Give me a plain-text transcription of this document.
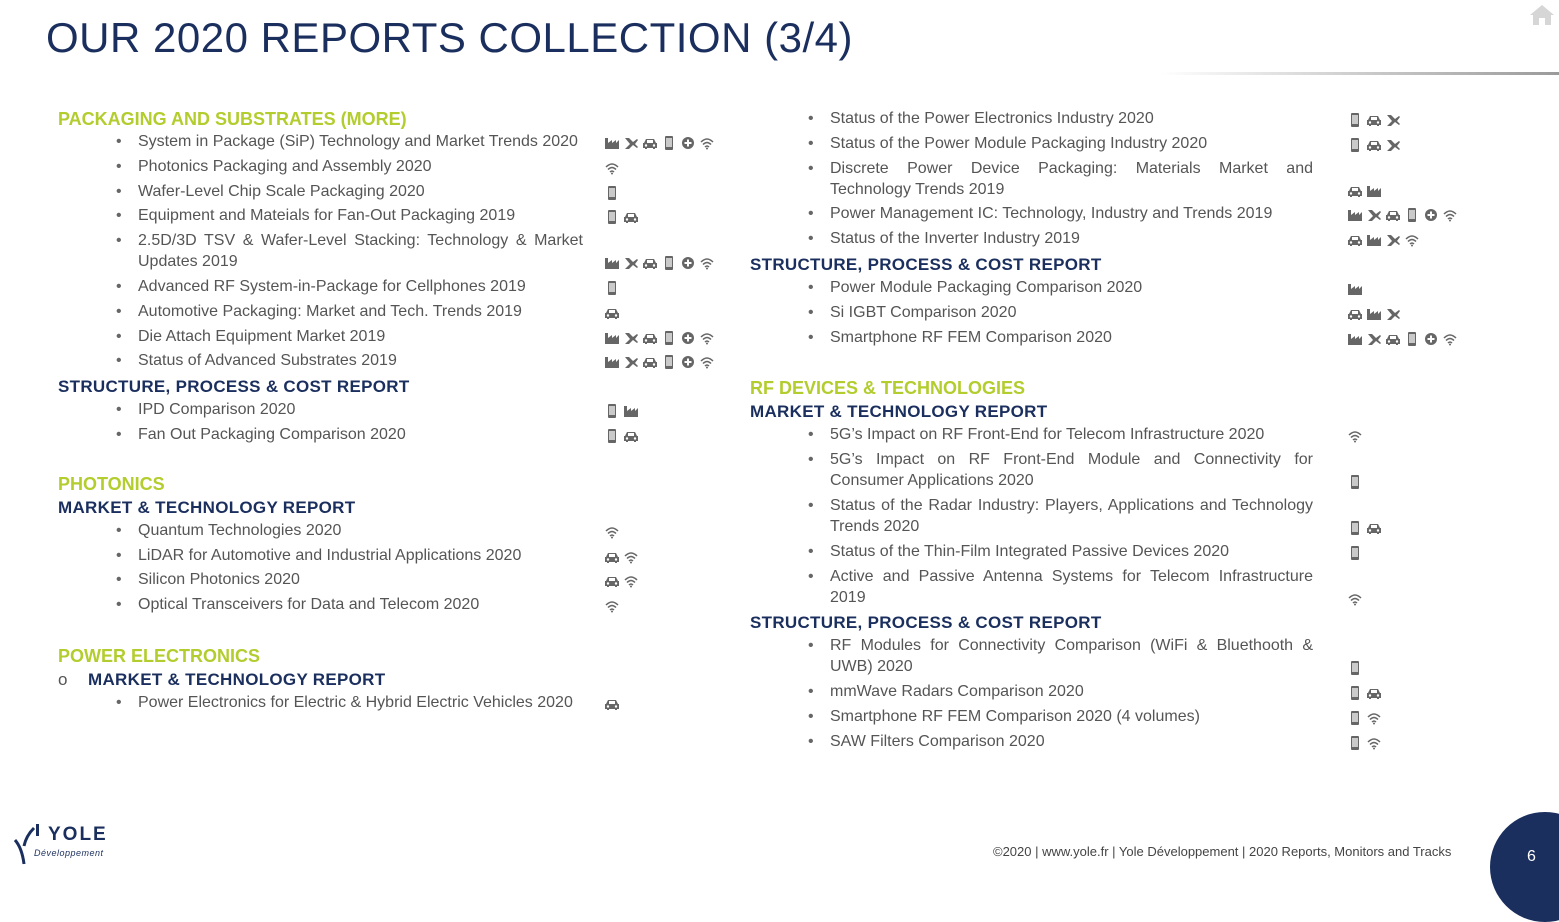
OUR 2020 REPORTS COLLECTION (3/4)
PACKAGING AND SUBSTRATES (MORE)
• System in Package (SiP) Technology and Market Trends 2020
• Photonics Packaging and Assembly 2020
• Wafer-Level Chip Scale Packaging 2020
• Equipment and Mateials for Fan-Out Packaging 2019
• 2.5D/3D TSV & Wafer-Level Stacking: Technology & Market Updates 2019
• Advanced RF System-in-Package for Cellphones 2019
• Automotive Packaging: Market and Tech. Trends 2019
• Die Attach Equipment Market 2019
• Status of Advanced Substrates 2019
STRUCTURE, PROCESS & COST REPORT
• IPD Comparison 2020
• Fan Out Packaging Comparison 2020
PHOTONICS
MARKET & TECHNOLOGY REPORT
• Quantum Technologies 2020
• LiDAR for Automotive and Industrial Applications 2020
• Silicon Photonics 2020
• Optical Transceivers for Data and Telecom 2020
POWER ELECTRONICS
o	MARKET & TECHNOLOGY REPORT
• Power Electronics for Electric & Hybrid Electric Vehicles 2020
• Status of the Power Electronics Industry 2020
• Status of the Power Module Packaging Industry 2020
• Discrete Power Device Packaging: Materials Market and Technology Trends 2019
• Power Management IC: Technology, Industry and Trends 2019
• Status of the Inverter Industry 2019
STRUCTURE, PROCESS & COST REPORT
• Power Module Packaging Comparison 2020
• Si IGBT Comparison 2020
• Smartphone RF FEM Comparison 2020
RF DEVICES & TECHNOLOGIES
MARKET & TECHNOLOGY REPORT
• 5G’s Impact on RF Front-End for Telecom Infrastructure 2020
• 5G’s Impact on RF Front-End Module and Connectivity for Consumer Applications 2020
• Status of the Radar Industry: Players, Applications and Technology Trends 2020
• Status of the Thin-Film Integrated Passive Devices 2020
• Active and Passive Antenna Systems for Telecom Infrastructure 2019
STRUCTURE, PROCESS & COST REPORT
• RF Modules for Connectivity Comparison (WiFi & Bluethooth & UWB) 2020
• mmWave Radars Comparison 2020
• Smartphone RF FEM Comparison 2020 (4 volumes)
• SAW Filters Comparison 2020
YOLE
Développement	©2020 | www.yole.fr | Yole Développement | 2020 Reports, Monitors and Tracks	6
